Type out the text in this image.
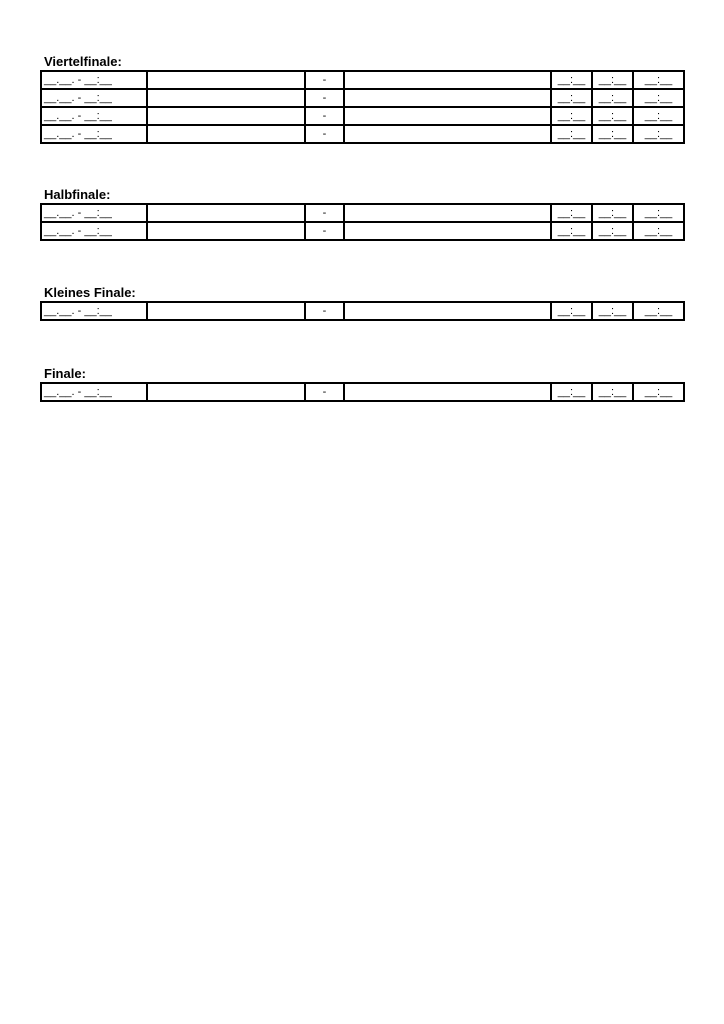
Viertelfinale:
__.__. - __:__		-		__:__	__:__	__:__
__.__. - __:__		-		__:__	__:__	__:__
__.__. - __:__		-		__:__	__:__	__:__
__.__. - __:__		-		__:__	__:__	__:__
Halbfinale:
__.__. - __:__		-		__:__	__:__	__:__
__.__. - __:__		-		__:__	__:__	__:__
Kleines Finale:
__.__. - __:__		-		__:__	__:__	__:__
Finale:
__.__. - __:__		-		__:__	__:__	__:__
